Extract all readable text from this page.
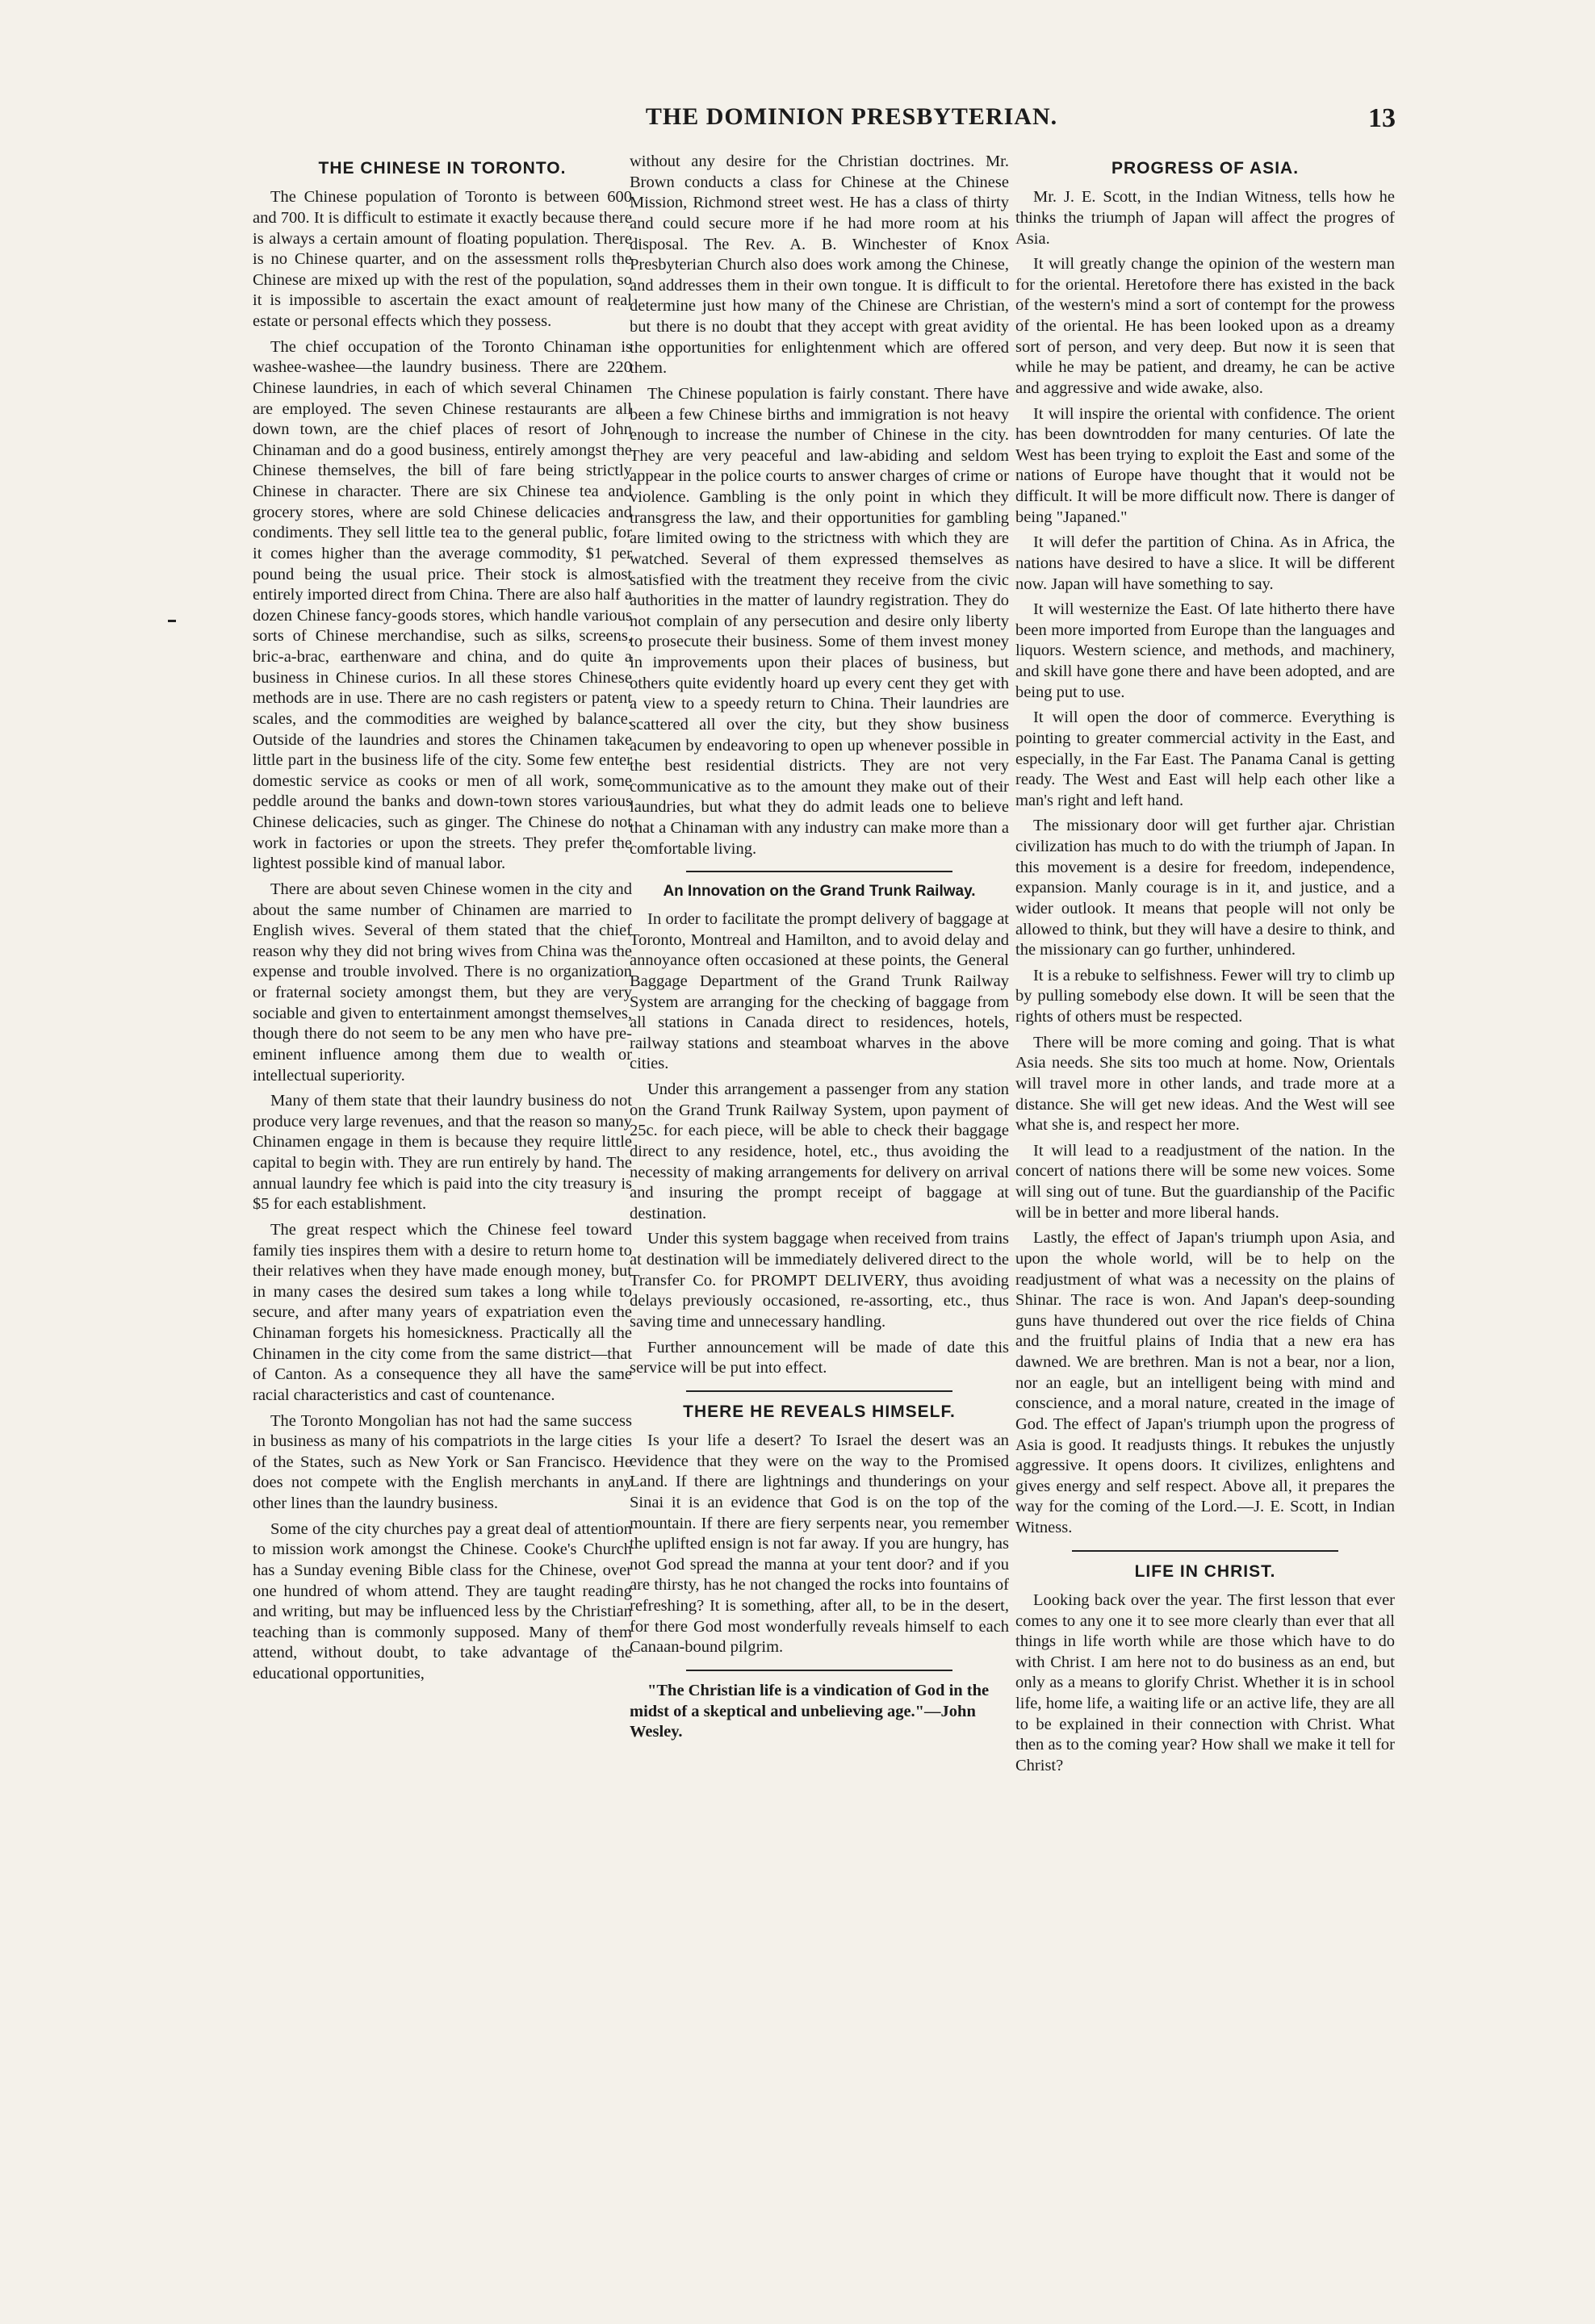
THE DOMINION PRESBYTERIAN.	13
THE CHINESE IN TORONTO.

The Chinese population of Toronto is between 600 and 700. It is difficult to estimate it exactly because there is always a certain amount of floating population. There is no Chinese quarter, and on the assessment rolls the Chinese are mixed up with the rest of the population, so it is impossible to ascertain the exact amount of real estate or personal effects which they possess.

The chief occupation of the Toronto Chinaman is washee-washee—the laundry business. There are 220 Chinese laundries, in each of which several Chinamen are employed. The seven Chinese restaurants are all down town, are the chief places of resort of John Chinaman and do a good business, entirely amongst the Chinese themselves, the bill of fare being strictly Chinese in character. There are six Chinese tea and grocery stores, where are sold Chinese delicacies and condiments. They sell little tea to the general public, for it comes higher than the average commodity, $1 per pound being the usual price. Their stock is almost entirely imported direct from China. There are also half a dozen Chinese fancy-goods stores, which handle various sorts of Chinese merchandise, such as silks, screens, bric-a-brac, earthenware and china, and do quite a business in Chinese curios. In all these stores Chinese methods are in use. There are no cash registers or patent scales, and the commodities are weighed by balance. Outside of the laundries and stores the Chinamen take little part in the business life of the city. Some few enter domestic service as cooks or men of all work, some peddle around the banks and down-town stores various Chinese delicacies, such as ginger. The Chinese do not work in factories or upon the streets. They prefer the lightest possible kind of manual labor.

There are about seven Chinese women in the city and about the same number of Chinamen are married to English wives. Several of them stated that the chief reason why they did not bring wives from China was the expense and trouble involved. There is no organization or fraternal society amongst them, but they are very sociable and given to entertainment amongst themselves, though there do not seem to be any men who have pre-eminent influence among them due to wealth or intellectual superiority.

Many of them state that their laundry business do not produce very large revenues, and that the reason so many Chinamen engage in them is because they require little capital to begin with. They are run entirely by hand. The annual laundry fee which is paid into the city treasury is $5 for each establishment.

The great respect which the Chinese feel toward family ties inspires them with a desire to return home to their relatives when they have made enough money, but in many cases the desired sum takes a long while to secure, and after many years of expatriation even the Chinaman forgets his homesickness. Practically all the Chinamen in the city come from the same district—that of Canton. As a consequence they all have the same racial characteristics and cast of countenance.

The Toronto Mongolian has not had the same success in business as many of his compatriots in the large cities of the States, such as New York or San Francisco. He does not compete with the English merchants in any other lines than the laundry business.

Some of the city churches pay a great deal of attention to mission work amongst the Chinese. Cooke's Church has a Sunday evening Bible class for the Chinese, over one hundred of whom attend. They are taught reading and writing, but may be influenced less by the Christian teaching than is commonly supposed. Many of them attend, without doubt, to take advantage of the educational opportunities,

without any desire for the Christian doctrines. Mr. Brown conducts a class for Chinese at the Chinese Mission, Richmond street west. He has a class of thirty and could secure more if he had more room at his disposal. The Rev. A. B. Winchester of Knox Presbyterian Church also does work among the Chinese, and addresses them in their own tongue. It is difficult to determine just how many of the Chinese are Christian, but there is no doubt that they accept with great avidity the opportunities for enlightenment which are offered them.

The Chinese population is fairly constant. There have been a few Chinese births and immigration is not heavy enough to increase the number of Chinese in the city. They are very peaceful and law-abiding and seldom appear in the police courts to answer charges of crime or violence. Gambling is the only point in which they transgress the law, and their opportunities for gambling are limited owing to the strictness with which they are watched. Several of them expressed themselves as satisfied with the treatment they receive from the civic authorities in the matter of laundry registration. They do not complain of any persecution and desire only liberty to prosecute their business. Some of them invest money in improvements upon their places of business, but others quite evidently hoard up every cent they get with a view to a speedy return to China. Their laundries are scattered all over the city, but they show business acumen by endeavoring to open up whenever possible in the best residential districts. They are not very communicative as to the amount they make out of their laundries, but what they do admit leads one to believe that a Chinaman with any industry can make more than a comfortable living.

An Innovation on the Grand Trunk Railway.

In order to facilitate the prompt delivery of baggage at Toronto, Montreal and Hamilton, and to avoid delay and annoyance often occasioned at these points, the General Baggage Department of the Grand Trunk Railway System are arranging for the checking of baggage from all stations in Canada direct to residences, hotels, railway stations and steamboat wharves in the above cities.

Under this arrangement a passenger from any station on the Grand Trunk Railway System, upon payment of 25c. for each piece, will be able to check their baggage direct to any residence, hotel, etc., thus avoiding the necessity of making arrangements for delivery on arrival and insuring the prompt receipt of baggage at destination.

Under this system baggage when received from trains at destination will be immediately delivered direct to the Transfer Co. for PROMPT DELIVERY, thus avoiding delays previously occasioned, re-assorting, etc., thus saving time and unnecessary handling.

Further announcement will be made of date this service will be put into effect.

THERE HE REVEALS HIMSELF.

Is your life a desert? To Israel the desert was an evidence that they were on the way to the Promised Land. If there are lightnings and thunderings on your Sinai it is an evidence that God is on the top of the mountain. If there are fiery serpents near, you remember the uplifted ensign is not far away. If you are hungry, has not God spread the manna at your tent door? and if you are thirsty, has he not changed the rocks into fountains of refreshing? It is something, after all, to be in the desert, for there God most wonderfully reveals himself to each Canaan-bound pilgrim.

"The Christian life is a vindication of God in the midst of a skeptical and unbelieving age."—John Wesley.

PROGRESS OF ASIA.

Mr. J. E. Scott, in the Indian Witness, tells how he thinks the triumph of Japan will affect the progres of Asia.

It will greatly change the opinion of the western man for the oriental. Heretofore there has existed in the back of the western's mind a sort of contempt for the prowess of the oriental. He has been looked upon as a dreamy sort of person, and very deep. But now it is seen that while he may be patient, and dreamy, he can be active and aggressive and wide awake, also.

It will inspire the oriental with confidence. The orient has been downtrodden for many centuries. Of late the West has been trying to exploit the East and some of the nations of Europe have thought that it would not be difficult. It will be more difficult now. There is danger of being "Japaned."

It will defer the partition of China. As in Africa, the nations have desired to have a slice. It will be different now. Japan will have something to say.

It will westernize the East. Of late hitherto there have been more imported from Europe than the languages and liquors. Western science, and methods, and machinery, and skill have gone there and have been adopted, and are being put to use.

It will open the door of commerce. Everything is pointing to greater commercial activity in the East, and especially, in the Far East. The Panama Canal is getting ready. The West and East will help each other like a man's right and left hand.

The missionary door will get further ajar. Christian civilization has much to do with the triumph of Japan. In this movement is a desire for freedom, independence, expansion. Manly courage is in it, and justice, and a wider outlook. It means that people will not only be allowed to think, but they will have a desire to think, and the missionary can go further, unhindered.

It is a rebuke to selfishness. Fewer will try to climb up by pulling somebody else down. It will be seen that the rights of others must be respected.

There will be more coming and going. That is what Asia needs. She sits too much at home. Now, Orientals will travel more in other lands, and trade more at a distance. She will get new ideas. And the West will see what she is, and respect her more.

It will lead to a readjustment of the nation. In the concert of nations there will be some new voices. Some will sing out of tune. But the guardianship of the Pacific will be in better and more liberal hands.

Lastly, the effect of Japan's triumph upon Asia, and upon the whole world, will be to help on the readjustment of what was a necessity on the plains of Shinar. The race is won. And Japan's deep-sounding guns have thundered out over the rice fields of China and the fruitful plains of India that a new era has dawned. We are brethren. Man is not a bear, nor a lion, nor an eagle, but an intelligent being with mind and conscience, and a moral nature, created in the image of God. The effect of Japan's triumph upon the progress of Asia is good. It readjusts things. It rebukes the unjustly aggressive. It opens doors. It civilizes, enlightens and gives energy and self respect. Above all, it prepares the way for the coming of the Lord.—J. E. Scott, in Indian Witness.

LIFE IN CHRIST.

Looking back over the year. The first lesson that ever comes to any one it to see more clearly than ever that all things in life worth while are those which have to do with Christ. I am here not to do business as an end, but only as a means to glorify Christ. Whether it is in school life, home life, a waiting life or an active life, they are all to be explained in their connection with Christ. What then as to the coming year? How shall we make it tell for Christ?
